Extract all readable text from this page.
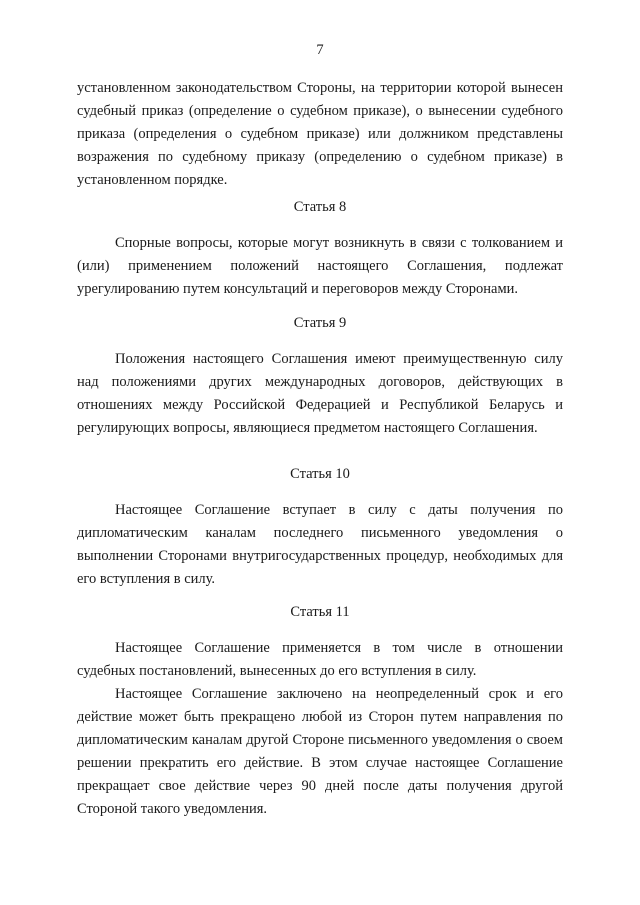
7

установленном законодательством Стороны, на территории которой вынесен судебный приказ (определение о судебном приказе), о вынесении судебного приказа (определения о судебном приказе) или должником представлены возражения по судебному приказу (определению о судебном приказе) в установленном порядке.

Статья 8

Спорные вопросы, которые могут возникнуть в связи с толкованием и (или) применением положений настоящего Соглашения, подлежат урегулированию путем консультаций и переговоров между Сторонами.

Статья 9

Положения настоящего Соглашения имеют преимущественную силу над положениями других международных договоров, действующих в отношениях между Российской Федерацией и Республикой Беларусь и регулирующих вопросы, являющиеся предметом настоящего Соглашения.

Статья 10

Настоящее Соглашение вступает в силу с даты получения по дипломатическим каналам последнего письменного уведомления о выполнении Сторонами внутригосударственных процедур, необходимых для его вступления в силу.

Статья 11

Настоящее Соглашение применяется в том числе в отношении судебных постановлений, вынесенных до его вступления в силу.

Настоящее Соглашение заключено на неопределенный срок и его действие может быть прекращено любой из Сторон путем направления по дипломатическим каналам другой Стороне письменного уведомления о своем решении прекратить его действие. В этом случае настоящее Соглашение прекращает свое действие через 90 дней после даты получения другой Стороной такого уведомления.
